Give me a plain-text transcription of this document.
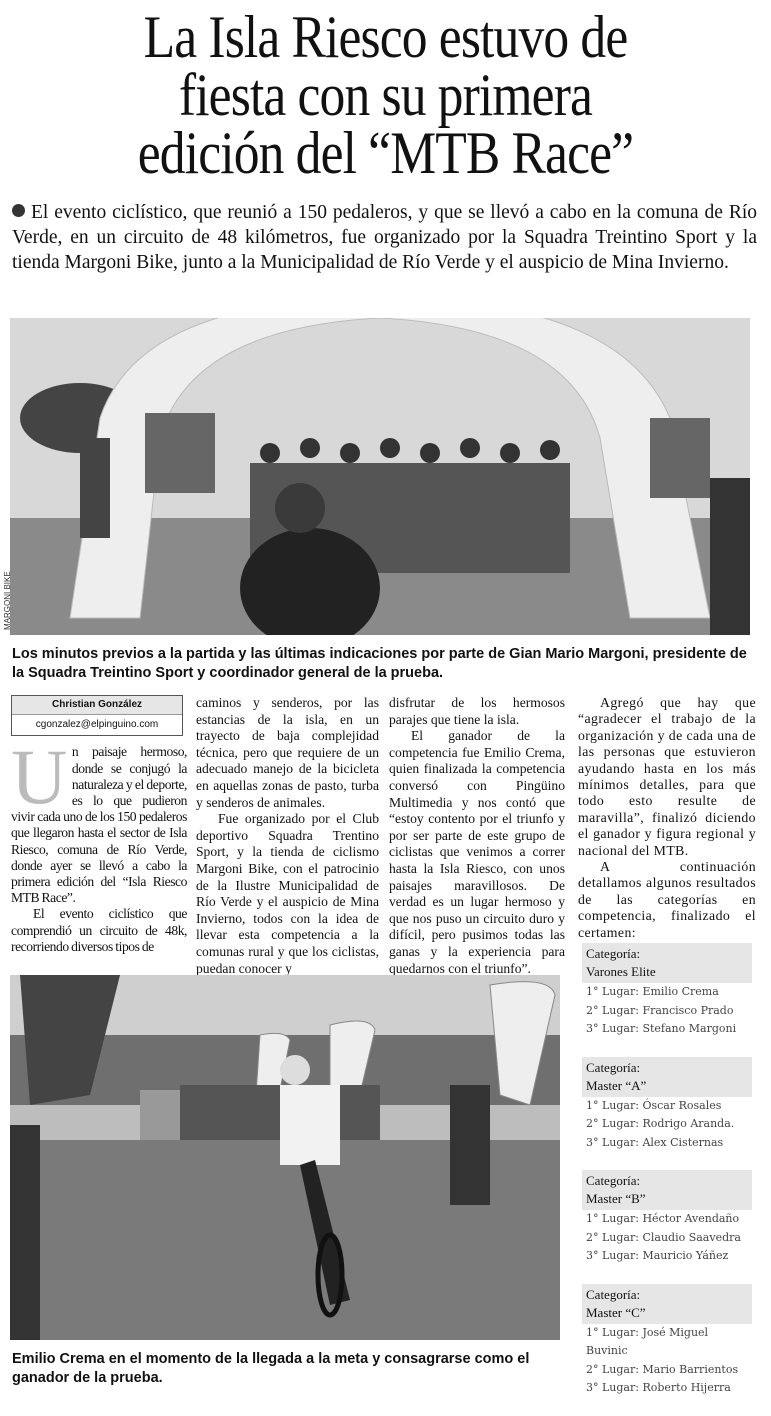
La Isla Riesco estuvo de
fiesta con su primera
edición del “MTB Race”
El evento ciclístico, que reunió a 150 pedaleros, y que se llevó a cabo en la comuna de Río Verde, en un circuito de 48 kilómetros, fue organizado por la Squadra Treintino Sport y la tienda Margoni Bike, junto a la Municipalidad de Río Verde y el auspicio de Mina Invierno.
MARGONI BIKE
Los minutos previos a la partida y las últimas indicaciones por parte de Gian Mario Margoni, presidente de la Squadra Treintino Sport y coordinador general de la prueba.
Christian González
cgonzalez@elpinguino.com

Un paisaje hermoso, donde se conjugó la naturaleza y el deporte, es lo que pudieron vivir cada uno de los 150 pedaleros que llegaron hasta el sector de Isla Riesco, comuna de Río Verde, donde ayer se llevó a cabo la primera edición del “Isla Riesco MTB Race”.

El evento ciclístico que comprendió un circuito de 48k, recorriendo diversos tipos de

caminos y senderos, por las estancias de la isla, en un trayecto de baja complejidad técnica, pero que requiere de un adecuado manejo de la bicicleta en aquellas zonas de pasto, turba y senderos de animales.

Fue organizado por el Club deportivo Squadra Trentino Sport, y la tienda de ciclismo Margoni Bike, con el patrocinio de la Ilustre Municipalidad de Río Verde y el auspicio de Mina Invierno, todos con la idea de llevar esta competencia a la comunas rural y que los ciclistas, puedan conocer y

disfrutar de los hermosos parajes que tiene la isla.

El ganador de la competencia fue Emilio Crema, quien finalizada la competencia conversó con Pingüino Multimedia y nos contó que “estoy contento por el triunfo y por ser parte de este grupo de ciclistas que venimos a correr hasta la Isla Riesco, con unos paisajes maravillosos. De verdad es un lugar hermoso y que nos puso un circuito duro y difícil, pero pusimos todas las ganas y la experiencia para quedarnos con el triunfo”.

Agregó que hay que “agradecer el trabajo de la organización y de cada una de las personas que estuvieron ayudando hasta en los más mínimos detalles, para que todo esto resulte de maravilla”, finalizó diciendo el ganador y figura regional y nacional del MTB.

A continuación detallamos algunos resultados de las categorías en competencia, finalizado el certamen:

Categoría:
Varones Elite
1° Lugar: Emilio Crema
2° Lugar: Francisco Prado
3° Lugar: Stefano Margoni
Categoría:
Master “A”
1° Lugar: Óscar Rosales
2° Lugar: Rodrigo Aranda.
3° Lugar: Alex Cisternas
Categoría:
Master “B”
1° Lugar: Héctor Avendaño
2° Lugar: Claudio Saavedra
3° Lugar: Mauricio Yáñez
Categoría:
Master “C”
1° Lugar: José Miguel Buvinic
2° Lugar: Mario Barrientos
3° Lugar: Roberto Hijerra
Emilio Crema en el momento de la llegada a la meta y consagrarse como el ganador de la prueba.
